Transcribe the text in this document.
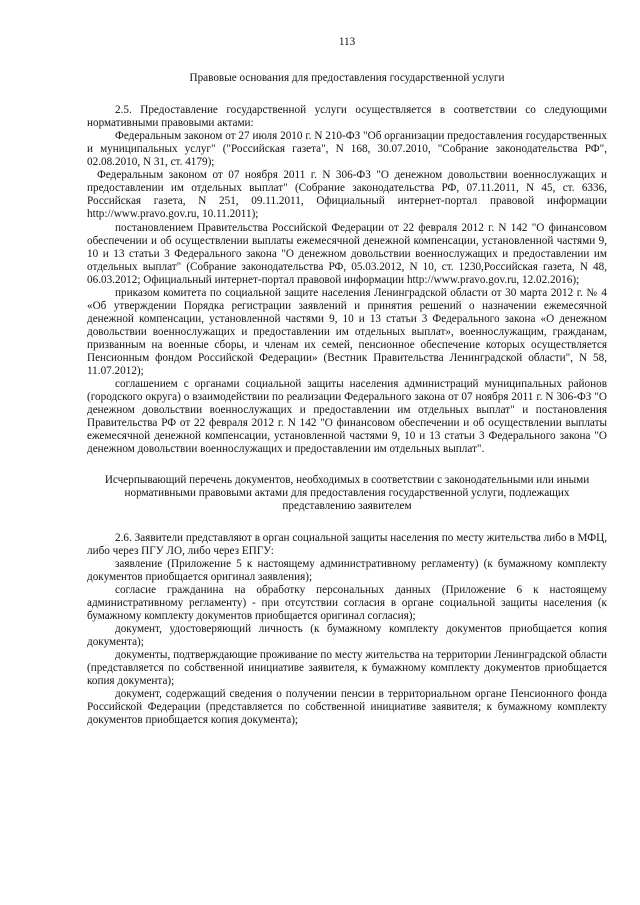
113
Правовые основания для предоставления государственной услуги

2.5. Предоставление государственной услуги осуществляется в соответствии со следующими нормативными правовыми актами:

Федеральным законом от 27 июля 2010 г. N 210-ФЗ "Об организации предоставления государственных и муниципальных услуг" ("Российская газета", N 168, 30.07.2010, "Собрание законодательства РФ", 02.08.2010, N 31, ст. 4179);

Федеральным законом от 07 ноября 2011 г. N 306-ФЗ "О денежном довольствии военнослужащих и предоставлении им отдельных выплат" (Собрание законодательства РФ, 07.11.2011, N 45, ст. 6336, Российская газета, N 251, 09.11.2011, Официальный интернет-портал правовой информации http://www.pravo.gov.ru, 10.11.2011);

постановлением Правительства Российской Федерации от 22 февраля 2012 г. N 142 "О финансовом обеспечении и об осуществлении выплаты ежемесячной денежной компенсации, установленной частями 9, 10 и 13 статьи 3 Федерального закона "О денежном довольствии военнослужащих и предоставлении им отдельных выплат" (Собрание законодательства РФ, 05.03.2012, N 10, ст. 1230,Российская газета, N 48, 06.03.2012; Официальный интернет-портал правовой информации http://www.pravo.gov.ru, 12.02.2016);

приказом комитета по социальной защите населения Ленинградской области от 30 марта 2012 г. № 4 «Об утверждении Порядка регистрации заявлений и принятия решений о назначении ежемесячной денежной компенсации, установленной частями 9, 10 и 13 статьи 3 Федерального закона «О денежном довольствии военнослужащих и предоставлении им отдельных выплат», военнослужащим, гражданам, призванным на военные сборы, и членам их семей, пенсионное обеспечение которых осуществляется Пенсионным фондом Российской Федерации» (Вестник Правительства Ленинградской области", N 58, 11.07.2012);

соглашением с органами социальной защиты населения администраций муниципальных районов (городского округа) о взаимодействии по реализации Федерального закона от 07 ноября 2011 г. N 306-ФЗ "О денежном довольствии военнослужащих и предоставлении им отдельных выплат" и постановления Правительства РФ от 22 февраля 2012 г. N 142 "О финансовом обеспечении и об осуществлении выплаты ежемесячной денежной компенсации, установленной частями 9, 10 и 13 статьи 3 Федерального закона "О денежном довольствии военнослужащих и предоставлении им отдельных выплат".

Исчерпывающий перечень документов, необходимых в соответствии с законодательными или иными нормативными правовыми актами для предоставления государственной услуги, подлежащих представлению заявителем

2.6. Заявители представляют в орган социальной защиты населения по месту жительства либо в МФЦ, либо через ПГУ ЛО, либо через ЕПГУ:

заявление (Приложение 5 к настоящему административному регламенту) (к бумажному комплекту документов приобщается оригинал заявления);

согласие гражданина на обработку персональных данных (Приложение 6 к настоящему административному регламенту) - при отсутствии согласия в органе социальной защиты населения (к бумажному комплекту документов приобщается оригинал согласия);

документ, удостоверяющий личность (к бумажному комплекту документов приобщается копия документа);

документы, подтверждающие проживание по месту жительства на территории Ленинградской области (представляется по собственной инициативе заявителя, к бумажному комплекту документов приобщается копия документа);

документ, содержащий сведения о получении пенсии в территориальном органе Пенсионного фонда Российской Федерации (представляется по собственной инициативе заявителя; к бумажному комплекту документов приобщается копия документа);
